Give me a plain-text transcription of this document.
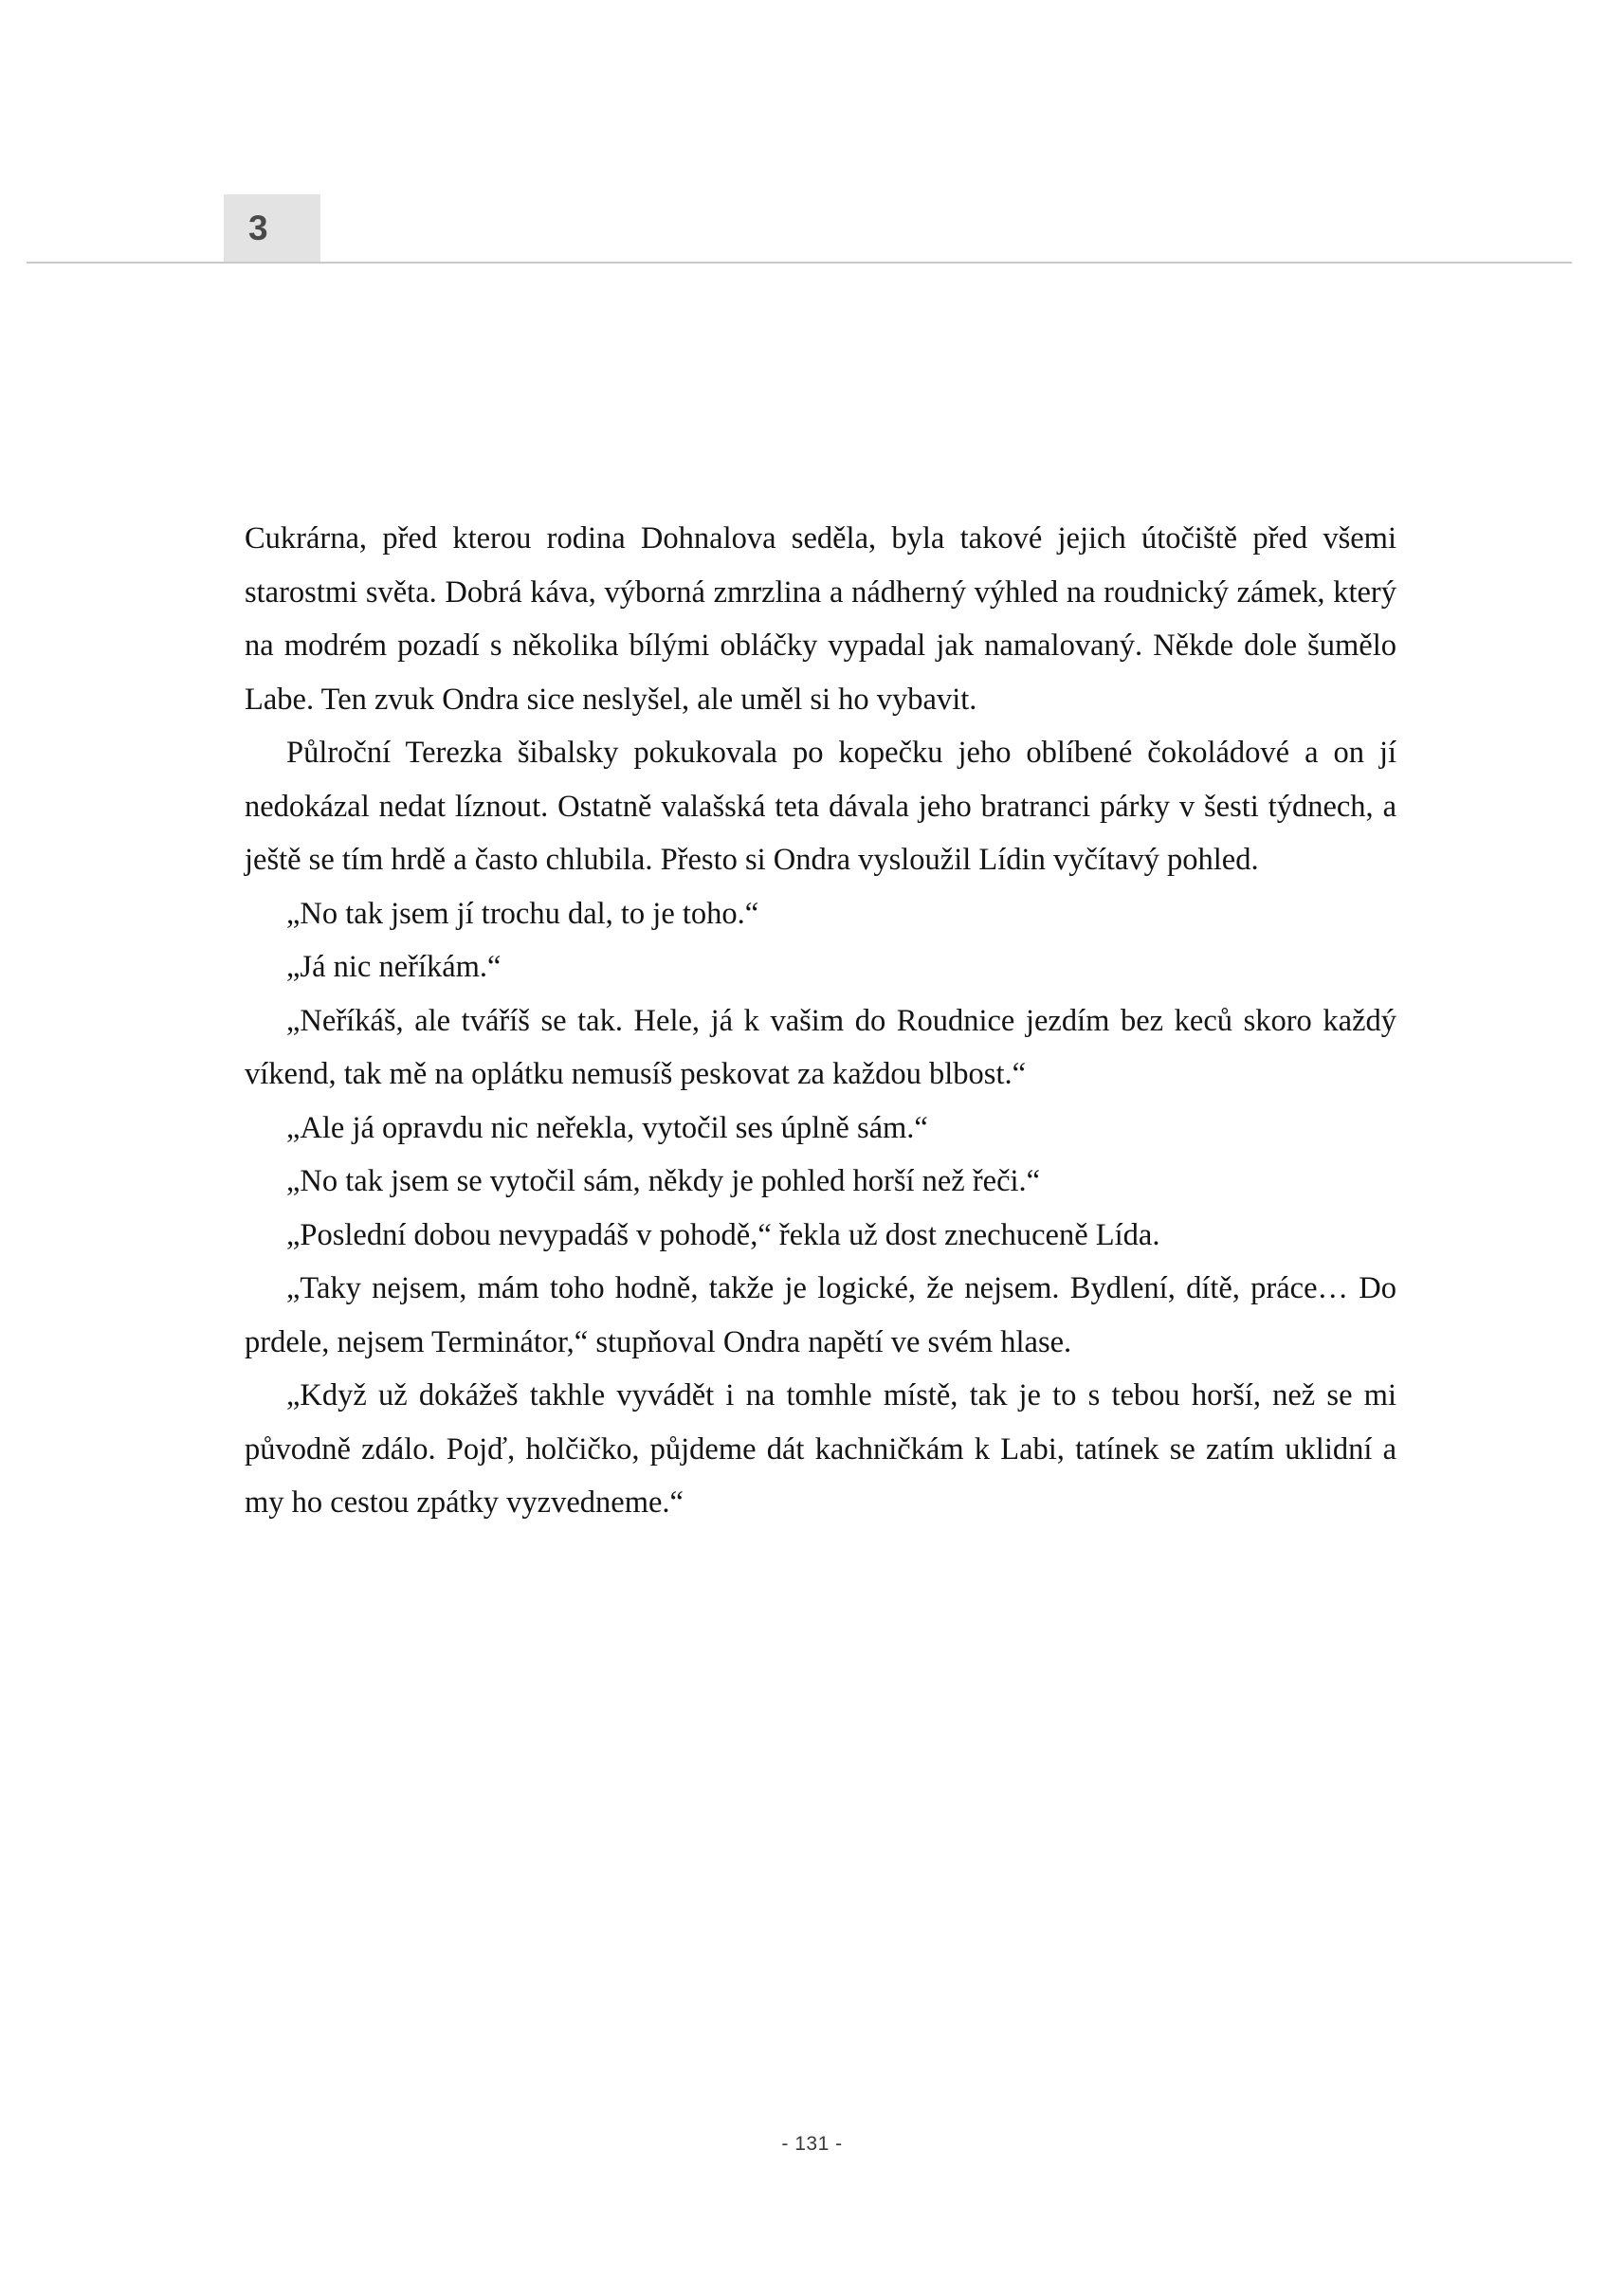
3

Cukrárna, před kterou rodina Dohnalova seděla, byla takové jejich útočiště před všemi starostmi světa. Dobrá káva, výborná zmrzlina a nádherný výhled na roudnický zámek, který na modrém pozadí s několika bílými obláčky vypadal jak namalovaný. Někde dole šumělo Labe. Ten zvuk Ondra sice neslyšel, ale uměl si ho vybavit.

Půlroční Terezka šibalsky pokukovala po kopečku jeho oblíbené čokoládové a on jí nedokázal nedat líznout. Ostatně valašská teta dávala jeho bratranci párky v šesti týdnech, a ještě se tím hrdě a často chlubila. Přesto si Ondra vysloužil Lídin vyčítavý pohled.

„No tak jsem jí trochu dal, to je toho.“

„Já nic neříkám.“

„Neříkáš, ale tváříš se tak. Hele, já k vašim do Roudnice jezdím bez keců skoro každý víkend, tak mě na oplátku nemusíš peskovat za každou blbost.“

„Ale já opravdu nic neřekla, vytočil ses úplně sám.“

„No tak jsem se vytočil sám, někdy je pohled horší než řeči.“

„Poslední dobou nevypadáš v pohodě,“ řekla už dost znechuceně Lída.

„Taky nejsem, mám toho hodně, takže je logické, že nejsem. Bydlení, dítě, práce… Do prdele, nejsem Terminátor,“ stupňoval Ondra napětí ve svém hlase.

„Když už dokážeš takhle vyvádět i na tomhle místě, tak je to s tebou horší, než se mi původně zdálo. Pojď, holčičko, půjdeme dát kachničkám k Labi, tatínek se zatím uklidní a my ho cestou zpátky vyzvedneme.“

- 131 -
